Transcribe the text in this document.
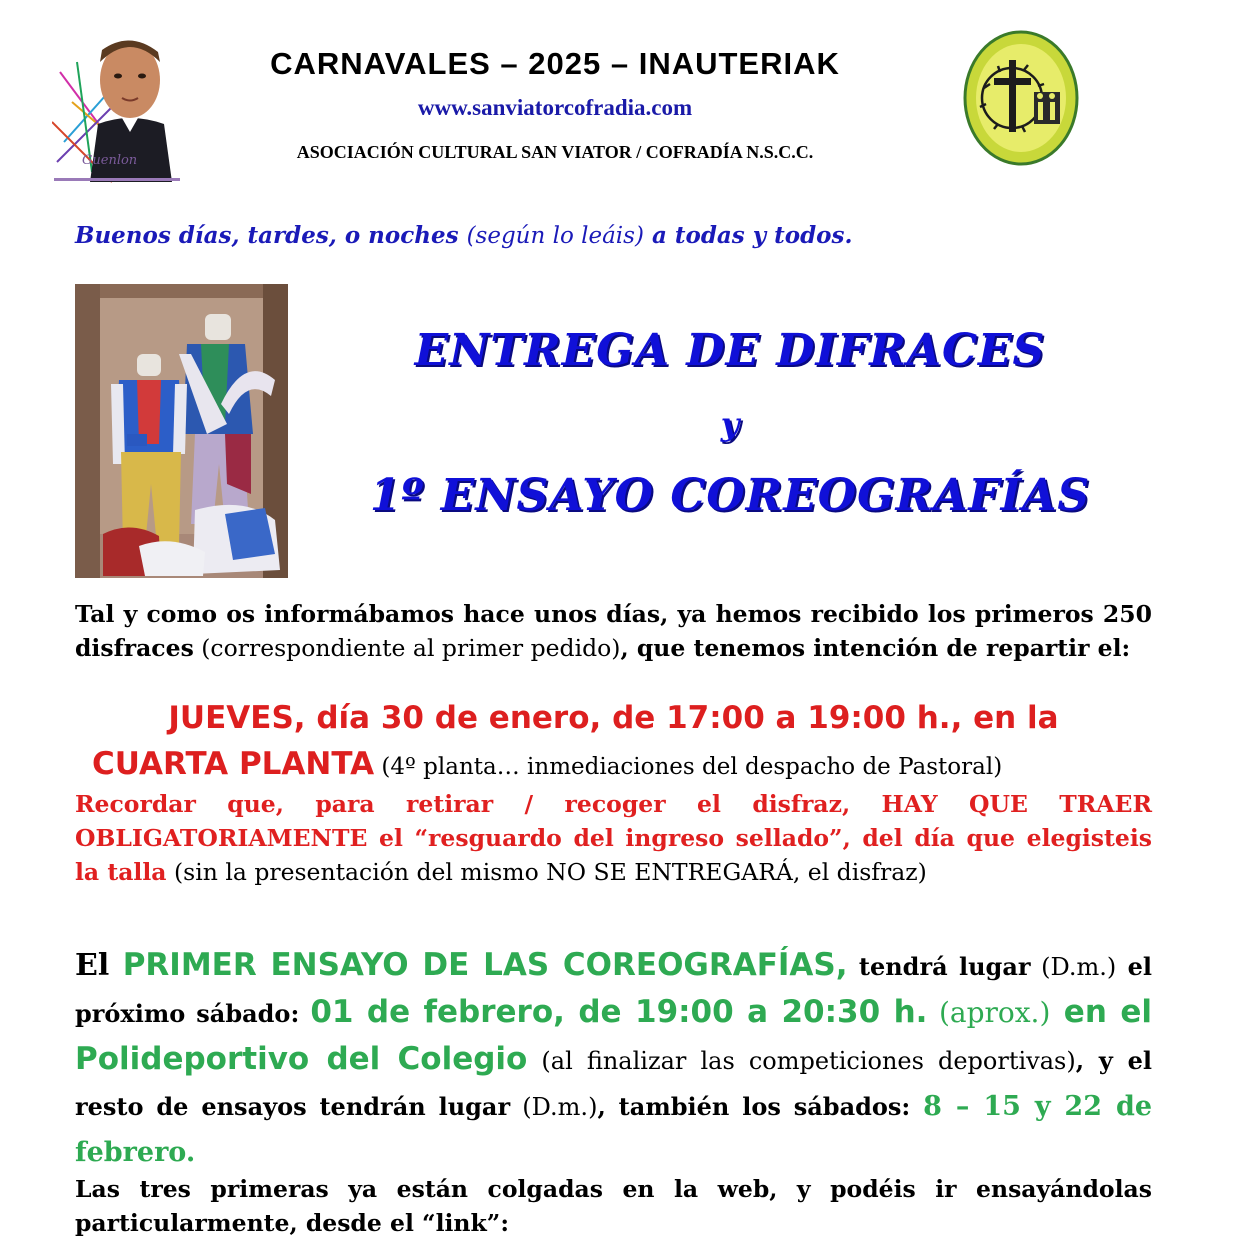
Guenlon
CARNAVALES – 2025 – INAUTERIAK
www.sanviatorcofradia.com
ASOCIACIÓN CULTURAL SAN VIATOR / COFRADÍA N.S.C.C.
Buenos días, tardes, o noches (según lo leáis) a todas y todos.
ENTREGA DE DIFRACES
y
1º ENSAYO COREOGRAFÍAS
Tal y como os informábamos hace unos días, ya hemos recibido los primeros 250 disfraces (correspondiente al primer pedido), que tenemos intención de repartir el:
JUEVES, día 30 de enero, de 17:00 a 19:00 h., en la
CUARTA PLANTA (4º planta… inmediaciones del despacho de Pastoral)
Recordar que, para retirar / recoger el disfraz, HAY QUE TRAER OBLIGATORIAMENTE el “resguardo del ingreso sellado”, del día que elegisteis la talla (sin la presentación del mismo NO SE ENTREGARÁ, el disfraz)
El PRIMER ENSAYO DE LAS COREOGRAFÍAS, tendrá lugar (D.m.) el próximo sábado: 01 de febrero, de 19:00 a 20:30 h. (aprox.) en el Polideportivo del Colegio (al finalizar las competiciones deportivas), y el resto de ensayos tendrán lugar (D.m.), también los sábados: 8 – 15 y 22 de febrero.
Las tres primeras ya están colgadas en la web, y podéis ir ensayándolas particularmente, desde el “link”:
